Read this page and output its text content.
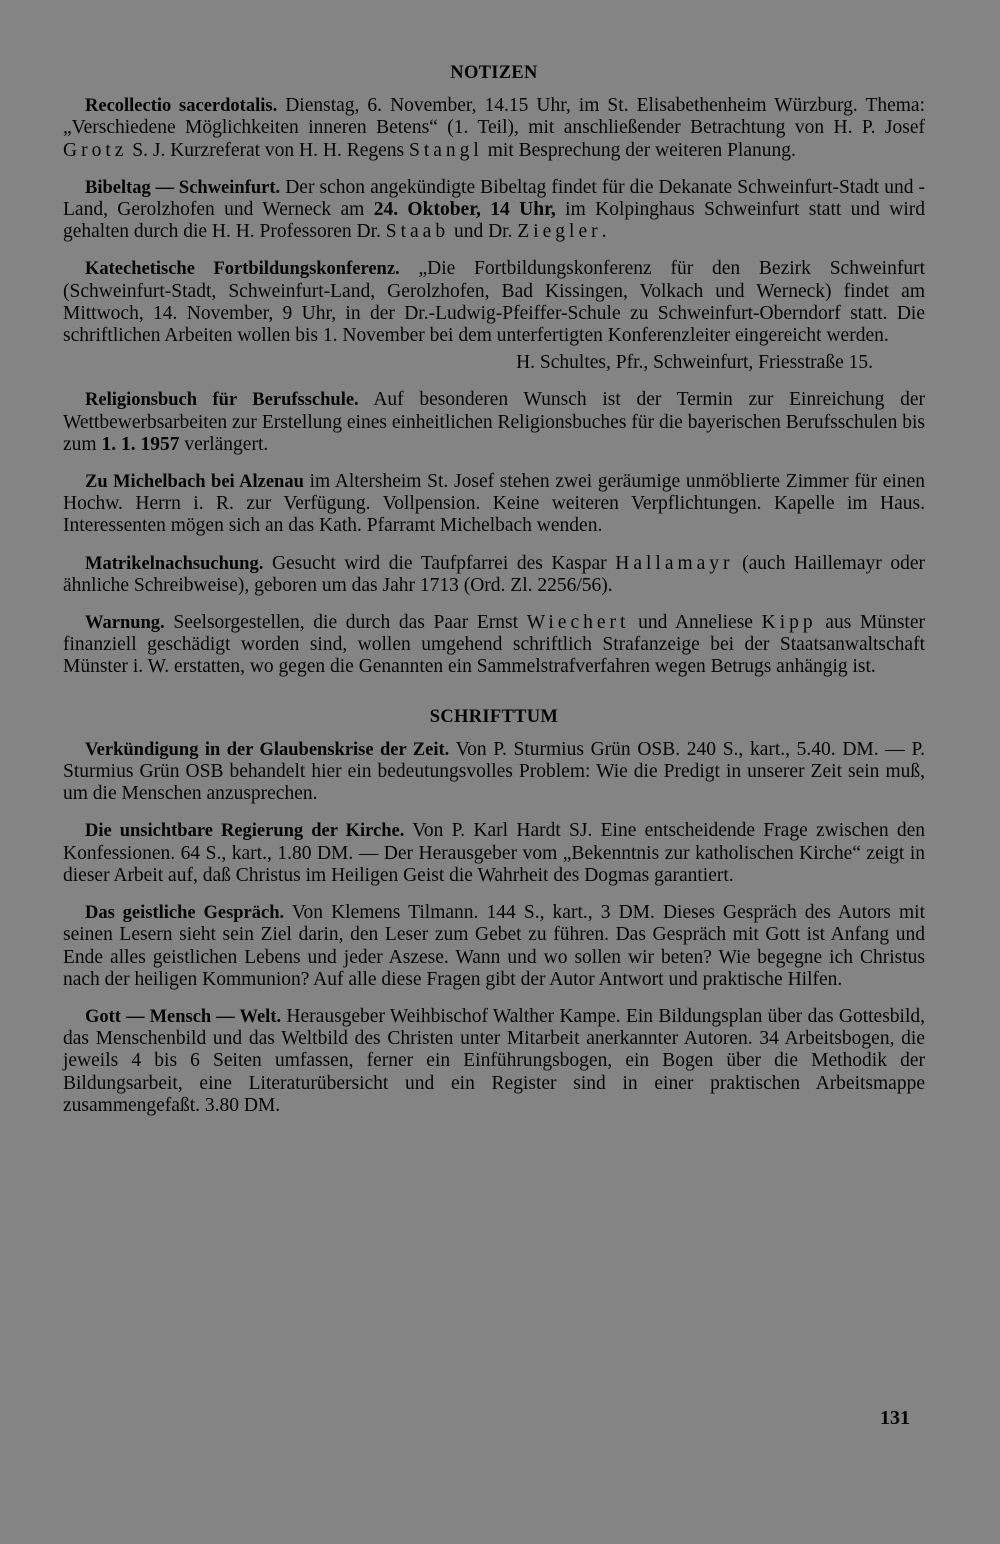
NOTIZEN

Recollectio sacerdotalis. Dienstag, 6. November, 14.15 Uhr, im St. Elisabethenheim Würzburg. Thema: „Verschiedene Möglichkeiten inneren Betens“ (1. Teil), mit anschließender Betrachtung von H. P. Josef Grotz S. J. Kurzreferat von H. H. Regens Stangl mit Besprechung der weiteren Planung.

Bibeltag — Schweinfurt. Der schon angekündigte Bibeltag findet für die Dekanate Schweinfurt-Stadt und -Land, Gerolzhofen und Werneck am 24. Oktober, 14 Uhr, im Kolpinghaus Schweinfurt statt und wird gehalten durch die H. H. Professoren Dr. Staab und Dr. Ziegler.

Katechetische Fortbildungskonferenz. „Die Fortbildungskonferenz für den Bezirk Schweinfurt (Schweinfurt-Stadt, Schweinfurt-Land, Gerolzhofen, Bad Kissingen, Volkach und Werneck) findet am Mittwoch, 14. November, 9 Uhr, in der Dr.-Ludwig-Pfeiffer-Schule zu Schweinfurt-Oberndorf statt. Die schriftlichen Arbeiten wollen bis 1. November bei dem unterfertigten Konferenzleiter eingereicht werden.

H. Schultes, Pfr., Schweinfurt, Friesstraße 15.

Religionsbuch für Berufsschule. Auf besonderen Wunsch ist der Termin zur Einreichung der Wettbewerbsarbeiten zur Erstellung eines einheitlichen Religionsbuches für die bayerischen Berufsschulen bis zum 1. 1. 1957 verlängert.

Zu Michelbach bei Alzenau im Altersheim St. Josef stehen zwei geräumige unmöblierte Zimmer für einen Hochw. Herrn i. R. zur Verfügung. Vollpension. Keine weiteren Verpflichtungen. Kapelle im Haus. Interessenten mögen sich an das Kath. Pfarramt Michelbach wenden.

Matrikelnachsuchung. Gesucht wird die Taufpfarrei des Kaspar Hallamayr (auch Haillemayr oder ähnliche Schreibweise), geboren um das Jahr 1713 (Ord. Zl. 2256/56).

Warnung. Seelsorgestellen, die durch das Paar Ernst Wiechert und Anneliese Kipp aus Münster finanziell geschädigt worden sind, wollen umgehend schriftlich Strafanzeige bei der Staatsanwaltschaft Münster i. W. erstatten, wo gegen die Genannten ein Sammelstrafverfahren wegen Betrugs anhängig ist.

SCHRIFTTUM

Verkündigung in der Glaubenskrise der Zeit. Von P. Sturmius Grün OSB. 240 S., kart., 5.40. DM. — P. Sturmius Grün OSB behandelt hier ein bedeutungsvolles Problem: Wie die Predigt in unserer Zeit sein muß, um die Menschen anzusprechen.

Die unsichtbare Regierung der Kirche. Von P. Karl Hardt SJ. Eine entscheidende Frage zwischen den Konfessionen. 64 S., kart., 1.80 DM. — Der Herausgeber vom „Bekenntnis zur katholischen Kirche“ zeigt in dieser Arbeit auf, daß Christus im Heiligen Geist die Wahrheit des Dogmas garantiert.

Das geistliche Gespräch. Von Klemens Tilmann. 144 S., kart., 3 DM. Dieses Gespräch des Autors mit seinen Lesern sieht sein Ziel darin, den Leser zum Gebet zu führen. Das Gespräch mit Gott ist Anfang und Ende alles geistlichen Lebens und jeder Aszese. Wann und wo sollen wir beten? Wie begegne ich Christus nach der heiligen Kommunion? Auf alle diese Fragen gibt der Autor Antwort und praktische Hilfen.

Gott — Mensch — Welt. Herausgeber Weihbischof Walther Kampe. Ein Bildungsplan über das Gottesbild, das Menschenbild und das Weltbild des Christen unter Mitarbeit anerkannter Autoren. 34 Arbeitsbogen, die jeweils 4 bis 6 Seiten umfassen, ferner ein Einführungsbogen, ein Bogen über die Methodik der Bildungsarbeit, eine Literaturübersicht und ein Register sind in einer praktischen Arbeitsmappe zusammengefaßt. 3.80 DM.

131
